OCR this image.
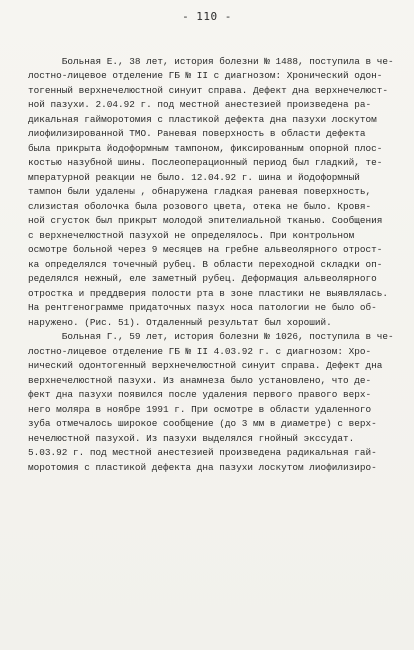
- 110 -
Больная Е., 38 лет, история болезни № 1488, поступила в че-
лостно-лицевое отделение ГБ № II с диагнозом: Хронический одон-
тогенный верхнечелюстной синуит справа. Дефект дна верхнечелюст-
ной пазухи. 2.04.92 г. под местной анестезией произведена ра-
дикальная гайморотомия с пластикой дефекта дна пазухи лоскутом
лиофилизированной ТМО. Раневая поверхность в области дефекта
была прикрыта йодоформным тампоном, фиксированным опорной плос-
костью назубной шины. Послеоперационный период был гладкий, те-
мпературной реакции не было. 12.04.92 г. шина и йодоформный
тампон были удалены , обнаружена гладкая раневая поверхность,
слизистая оболочка была розового цвета, отека не было. Кровя-
ной сгусток был прикрыт молодой эпителиальной тканью. Сообщения
с верхнечелюстной пазухой не определялось. При контрольном
осмотре больной через 9 месяцев на гребне альвеолярного отрост-
ка определялся точечный рубец. В области переходной складки оп-
ределялся нежный, еле заметный рубец. Деформация альвеолярного
отростка и преддверия полости рта в зоне пластики не выявлялась.
На рентгенограмме придаточных пазух носа патологии не было об-
наружено. (Рис. 51). Отдаленный результат был хороший.
Больная Г., 59 лет, история болезни № 1026, поступила в че-
лостно-лицевое отделение ГБ № II 4.03.92 г. с диагнозом: Хро-
нический одонтогенный верхнечелюстной синуит справа. Дефект дна
верхнечелюстной пазухи. Из анамнеза было установлено, что де-
фект дна пазухи появился после удаления первого правого верх-
него моляра в ноябре 1991 г. При осмотре в области удаленного
зуба отмечалось широкое сообщение (до 3 мм в диаметре) с верх-
нечелюстной пазухой. Из пазухи выделялся гнойный экссудат.
5.03.92 г. под местной анестезией произведена радикальная гай-
моротомия с пластикой дефекта дна пазухи лоскутом лиофилизиро-
